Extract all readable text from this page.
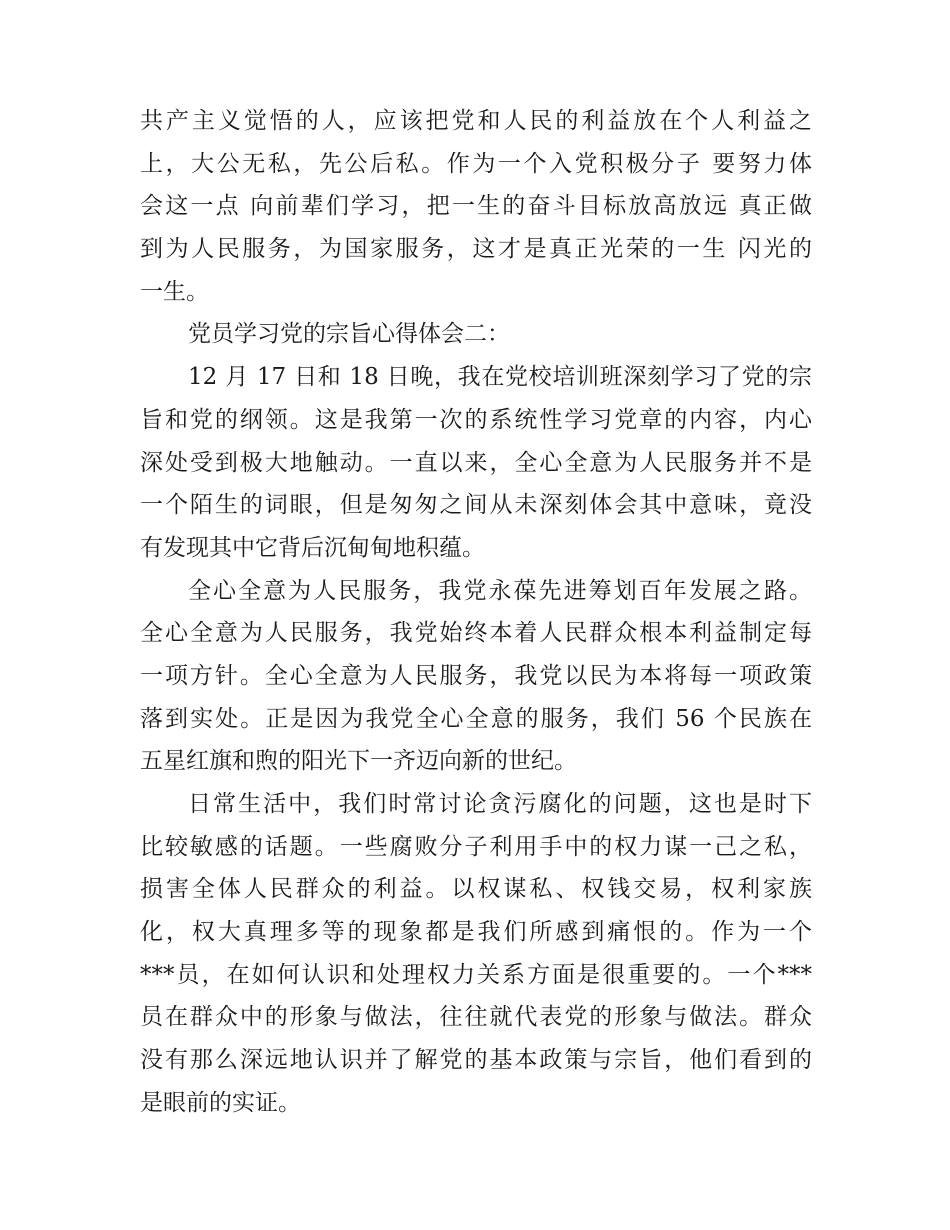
共产主义觉悟的人，应该把党和人民的利益放在个人利益之
上，大公无私，先公后私。作为一个入党积极分子 要努力体
会这一点 向前辈们学习，把一生的奋斗目标放高放远 真正做
到为人民服务，为国家服务，这才是真正光荣的一生 闪光的
一生。
党员学习党的宗旨心得体会二：
12 月 17 日和 18 日晚，我在党校培训班深刻学习了党的宗
旨和党的纲领。这是我第一次的系统性学习党章的内容，内心
深处受到极大地触动。一直以来，全心全意为人民服务并不是
一个陌生的词眼，但是匆匆之间从未深刻体会其中意味，竟没
有发现其中它背后沉甸甸地积蕴。
全心全意为人民服务，我党永葆先进筹划百年发展之路。
全心全意为人民服务，我党始终本着人民群众根本利益制定每
一项方针。全心全意为人民服务，我党以民为本将每一项政策
落到实处。正是因为我党全心全意的服务，我们 56 个民族在
五星红旗和煦的阳光下一齐迈向新的世纪。
日常生活中，我们时常讨论贪污腐化的问题，这也是时下
比较敏感的话题。一些腐败分子利用手中的权力谋一己之私，
损害全体人民群众的利益。以权谋私、权钱交易，权利家族
化，权大真理多等的现象都是我们所感到痛恨的。作为一个
***员，在如何认识和处理权力关系方面是很重要的。一个***
员在群众中的形象与做法，往往就代表党的形象与做法。群众
没有那么深远地认识并了解党的基本政策与宗旨，他们看到的
是眼前的实证。
